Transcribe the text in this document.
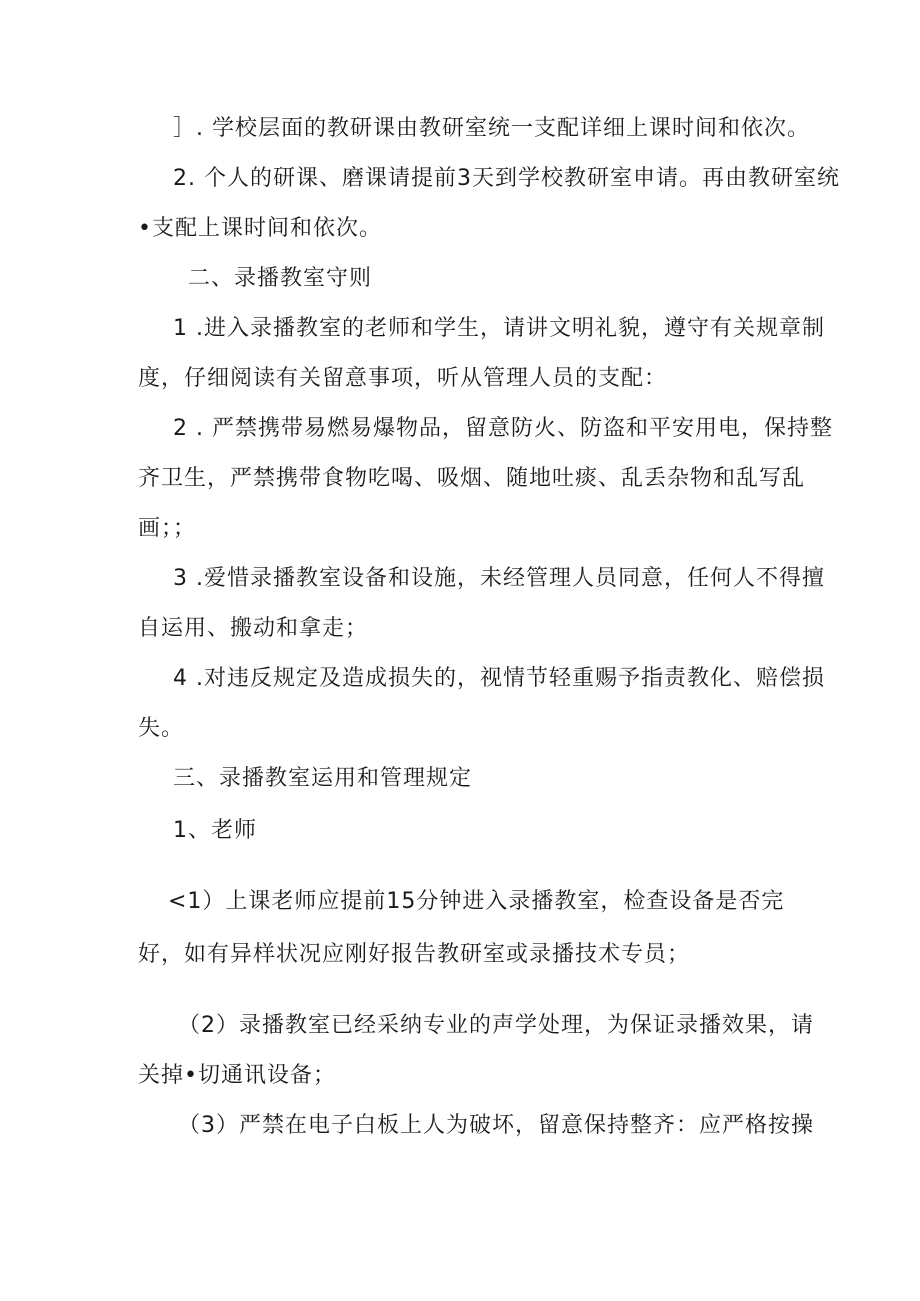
］. 学校层面的教研课由教研室统一支配详细上课时间和依次。
2. 个人的研课、磨课请提前3天到学校教研室申请。再由教研室统
•支配上课时间和依次。
二、录播教室守则
1 .进入录播教室的老师和学生，请讲文明礼貌，遵守有关规章制
度，仔细阅读有关留意事项，听从管理人员的支配：
2 . 严禁携带易燃易爆物品，留意防火、防盗和平安用电，保持整
齐卫生，严禁携带食物吃喝、吸烟、随地吐痰、乱丢杂物和乱写乱
画；；
3 .爱惜录播教室设备和设施，未经管理人员同意，任何人不得擅
自运用、搬动和拿走；
4 .对违反规定及造成损失的，视情节轻重赐予指责教化、赔偿损
失。
三、录播教室运用和管理规定
1、老师
<1）上课老师应提前15分钟进入录播教室，检查设备是否完
好，如有异样状况应刚好报告教研室或录播技术专员；
（2）录播教室已经采纳专业的声学处理，为保证录播效果，请
关掉•切通讯设备；
（3）严禁在电子白板上人为破坏，留意保持整齐：应严格按操
